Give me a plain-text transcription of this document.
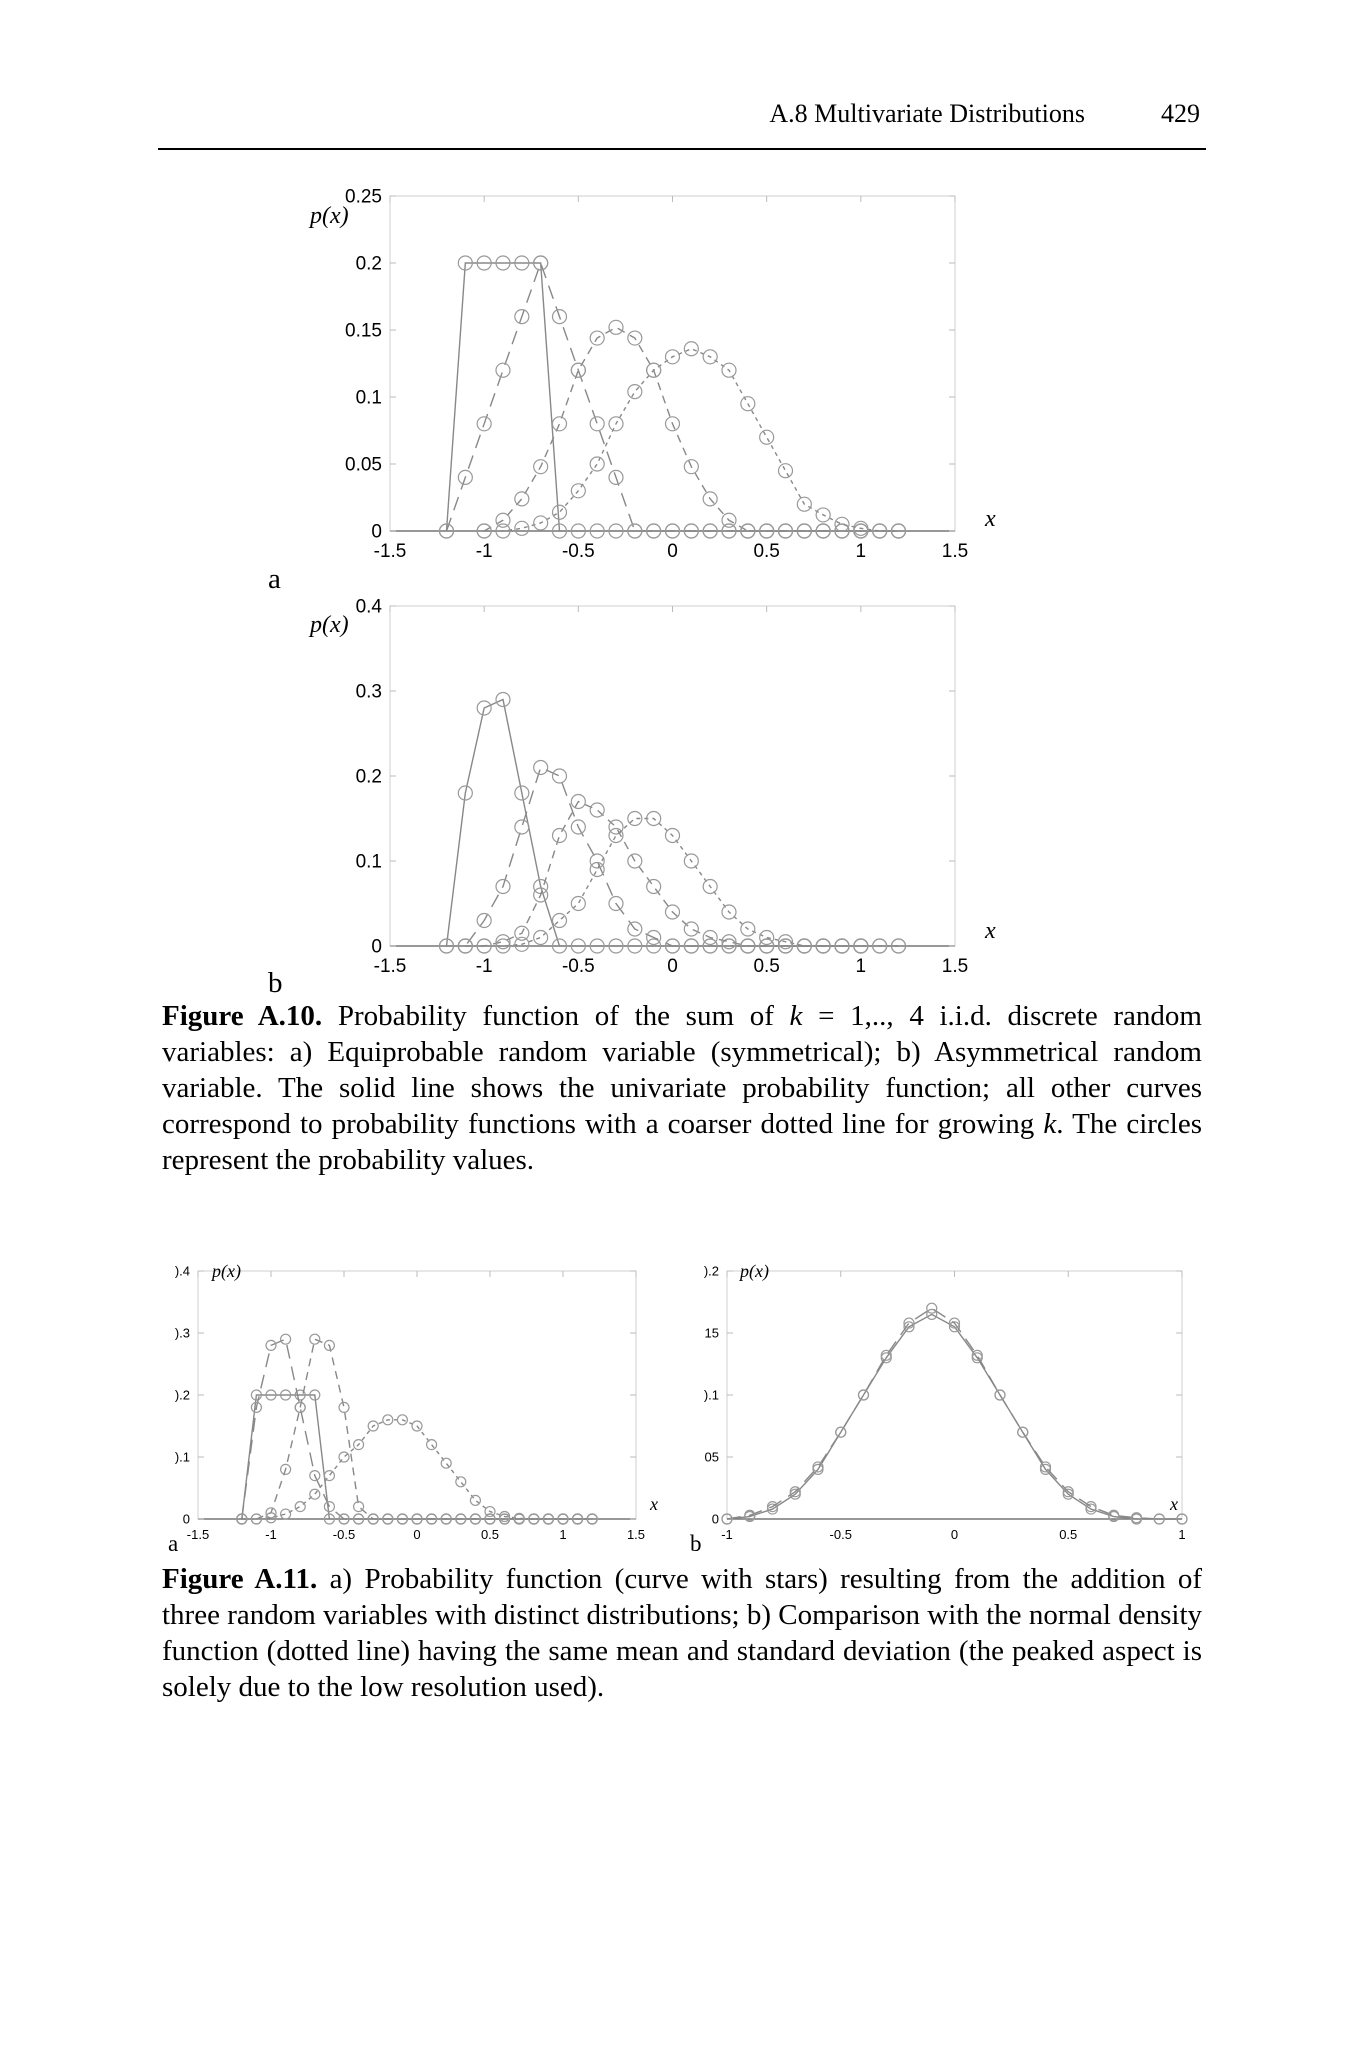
A.8 Multivariate Distributions	429
0
0.05
0.1
0.15
0.2
0.25
-1.5	-1	-0.5	0	0.5	1	1.5
p(x)
x
a
0
0.1
0.2
0.3
0.4
-1.5	-1	-0.5	0	0.5	1	1.5
p(x)
x
b
Figure A.10. Probability function of the sum of k = 1,.., 4 i.i.d. discrete random variables: a) Equiprobable random variable (symmetrical); b) Asymmetrical random variable. The solid line shows the univariate probability function; all other curves correspond to probability functions with a coarser dotted line for growing k. The circles represent the probability values.
0
).1
).2
).3
).4
-1.5	-1	-0.5	0	0.5	1	1.5
p(x)
x
a
0
05
).1
15
).2
-1	-0.5	0	0.5	1
p(x)
x
b
Figure A.11. a) Probability function (curve with stars) resulting from the addition of three random variables with distinct distributions; b) Comparison with the normal density function (dotted line) having the same mean and standard deviation (the peaked aspect is solely due to the low resolution used).
